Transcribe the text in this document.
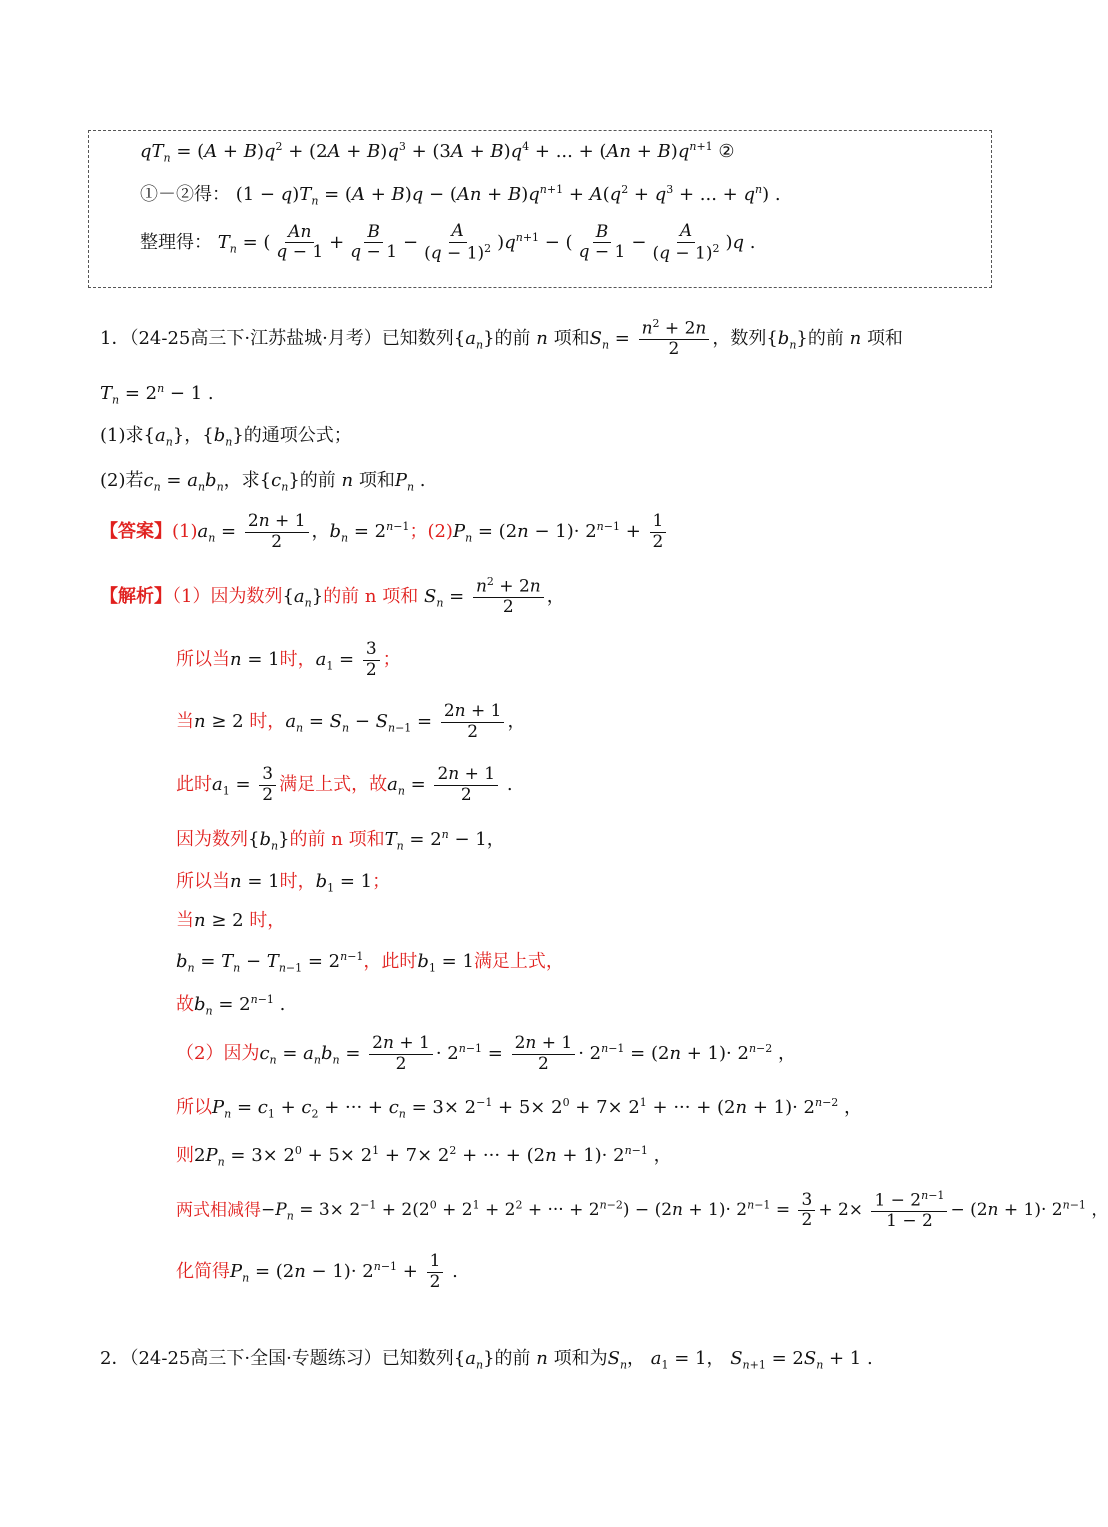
$qT_n = (A + B)q^2 + (2A + B)q^3 + (3A + B)q^4$ + ... + $(An + B)q^{n+1}$ ②
①－②得： $(1 - q)T_n = (A + B)q - (An + B)q^{n+1} + A(q^2 + q^3$ + ... + $q^n$) .
整理得： $T_n$ = ( $\frac{An}{q - 1} + \frac{B}{q - 1} - \frac{A}{(q - 1)^2} )q^{n+1}$ − ( $\frac{B}{q - 1} - \frac{A}{(q - 1)^2} )q$ .
1．（24-25高三下·江苏盐城·月考）已知数列$\{a_n\}$的前 n 项和$S_n = \frac{n^2 + 2n}{2}$ ，数列$\{b_n\}$的前 n 项和
$T_n = 2^n - 1$ .
(1)求$\{a_n\}$，$\{b_n\}$的通项公式；
(2)若$c_n = a_nb_n$，求$\{c_n\}$的前 n 项和$P_n$ .
【答案】$(1)a_n = \frac{2n + 1}{2}$ ，$b_n = 2^{n-1}$；$(2)P_n = (2n - 1)\cdot 2^{n-1} + \frac{1}{2}$
【解析】（1）因为数列$\{a_n\}$的前 n 项和 $S_n = \frac{n^2 + 2n}{2}$ ，
所以当n = 1时，$a_1 = \frac{3}{2}$ ；
当n ≥ 2 时，$a_n = S_n - S_{n-1} = \frac{2n + 1}{2}$ ，
此时$a_1 = \frac{3}{2}$ 满足上式，故$a_n = \frac{2n + 1}{2}$ .
因为数列$\{b_n\}$的前 n 项和$T_n = 2^n - 1$，
所以当n = 1时，$b_1 = 1$；
当n ≥ 2 时，
$b_n = T_n - T_{n-1} = 2^{n-1}$，此时$b_1 = 1$满足上式，
故$b_n = 2^{n-1}$ .
（2）因为$c_n = a_nb_n = \frac{2n + 1}{2} \cdot 2^{n-1} = \frac{2n + 1}{2} \cdot 2^{n-1} = (2n + 1)\cdot 2^{n-2}$ ，
所以$P_n = c_1 + c_2$ + ··· + $c_n = 3\times 2^{-1} + 5\times 2^0 + 7\times 2^1$ + ··· + $(2n + 1)\cdot 2^{n-2}$ ，
则$2P_n = 3\times 2^0 + 5\times 2^1 + 7\times 2^2$ + ··· + $(2n + 1)\cdot 2^{n-1}$ ，
两式相减得$-P_n = 3\times 2^{-1} + 2(2^0 + 2^1 + 2^2$ + ··· + $2^{n-2}) - (2n + 1)\cdot 2^{n-1} = \frac{3}{2} + 2\times \frac{1 - 2^{n-1}}{1 - 2} - (2n + 1)\cdot 2^{n-1}$ ，
化简得$P_n = (2n - 1)\cdot 2^{n-1} + \frac{1}{2}$ .
2．（24-25高三下·全国·专题练习）已知数列$\{a_n\}$的前 n 项和为$S_n$， $a_1 = 1$， $S_{n+1} = 2S_n + 1$ .
